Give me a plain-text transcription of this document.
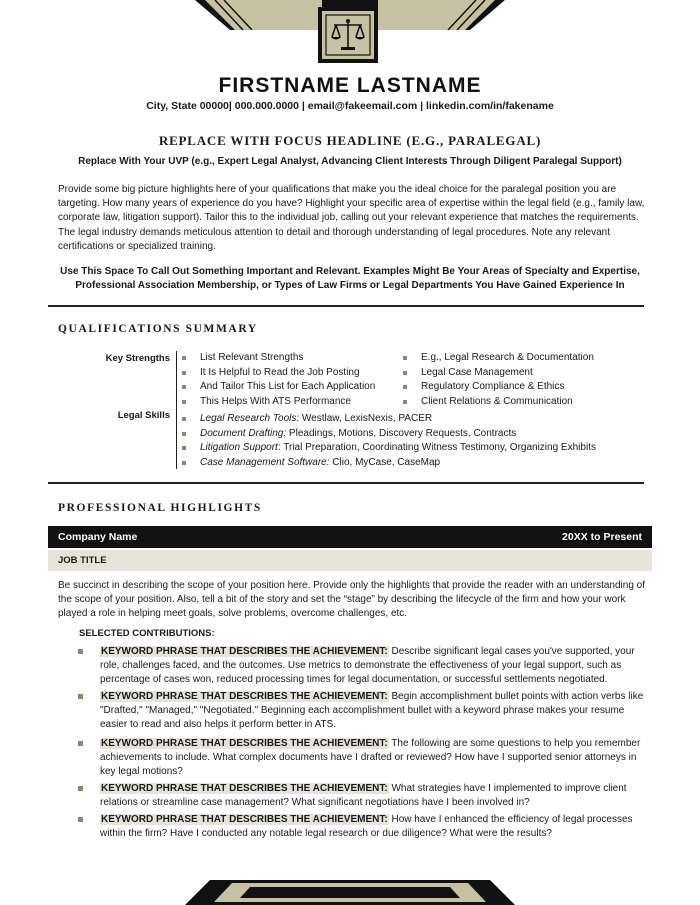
FIRSTNAME LASTNAME
City, State 00000| 000.000.0000 | email@fakeemail.com | linkedin.com/in/fakename
REPLACE WITH FOCUS HEADLINE (E.G., PARALEGAL)
Replace With Your UVP (e.g., Expert Legal Analyst, Advancing Client Interests Through Diligent Paralegal Support)
Provide some big picture highlights here of your qualifications that make you the ideal choice for the paralegal position you are targeting. How many years of experience do you have? Highlight your specific area of expertise within the legal field (e.g., family law, corporate law, litigation support). Tailor this to the individual job, calling out your relevant experience that matches the requirements. The legal industry demands meticulous attention to detail and thorough understanding of legal procedures. Note any relevant certifications or specialized training.
Use This Space To Call Out Something Important and Relevant. Examples Might Be Your Areas of Specialty and Expertise, Professional Association Membership, or Types of Law Firms or Legal Departments You Have Gained Experience In
QUALIFICATIONS SUMMARY
Key Strengths
Legal Skills
List Relevant Strengths
It Is Helpful to Read the Job Posting
And Tailor This List for Each Application
This Helps With ATS Performance
E.g., Legal Research & Documentation
Legal Case Management
Regulatory Compliance & Ethics
Client Relations & Communication
Legal Research Tools: Westlaw, LexisNexis, PACER
Document Drafting: Pleadings, Motions, Discovery Requests, Contracts
Litigation Support: Trial Preparation, Coordinating Witness Testimony, Organizing Exhibits
Case Management Software: Clio, MyCase, CaseMap
PROFESSIONAL HIGHLIGHTS
Company Name	20XX to Present
JOB TITLE
Be succinct in describing the scope of your position here. Provide only the highlights that provide the reader with an understanding of the scope of your position. Also, tell a bit of the story and set the “stage” by describing the lifecycle of the firm and how your work played a role in helping meet goals, solve problems, overcome challenges, etc.
SELECTED CONTRIBUTIONS:
KEYWORD PHRASE THAT DESCRIBES THE ACHIEVEMENT: Describe significant legal cases you've supported, your role, challenges faced, and the outcomes. Use metrics to demonstrate the effectiveness of your legal support, such as percentage of cases won, reduced processing times for legal documentation, or successful settlements negotiated.
KEYWORD PHRASE THAT DESCRIBES THE ACHIEVEMENT: Begin accomplishment bullet points with action verbs like "Drafted," "Managed," "Negotiated." Beginning each accomplishment bullet with a keyword phrase makes your resume easier to read and also helps it perform better in ATS.
KEYWORD PHRASE THAT DESCRIBES THE ACHIEVEMENT: The following are some questions to help you remember achievements to include. What complex documents have I drafted or reviewed? How have I supported senior attorneys in key legal motions?
KEYWORD PHRASE THAT DESCRIBES THE ACHIEVEMENT: What strategies have I implemented to improve client relations or streamline case management? What significant negotiations have I been involved in?
KEYWORD PHRASE THAT DESCRIBES THE ACHIEVEMENT: How have I enhanced the efficiency of legal processes within the firm? Have I conducted any notable legal research or due diligence? What were the results?
